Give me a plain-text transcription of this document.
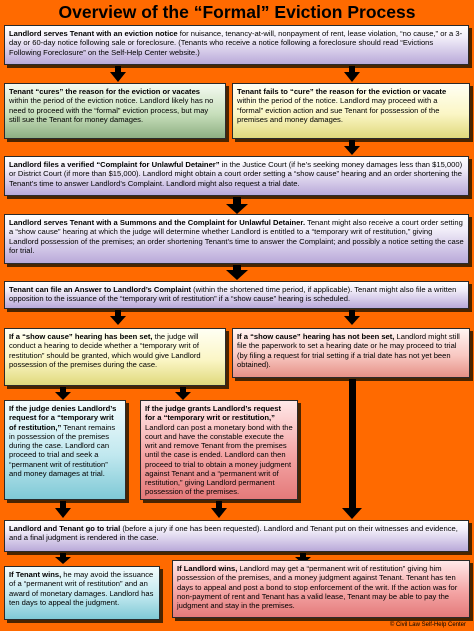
Overview of the “Formal” Eviction Process
Landlord serves Tenant with an eviction notice for nuisance, tenancy-at-will, nonpayment of rent, lease violation, “no cause,” or a 3-day or 60-day notice following sale or foreclosure. (Tenants who receive a notice following a foreclosure should read “Evictions Following Foreclosure” on the Self-Help Center website.)
Tenant “cures” the reason for the eviction or vacates within the period of the eviction notice. Landlord likely has no need to proceed with the “formal” eviction process, but may still sue the Tenant for money damages.
Tenant fails to “cure” the reason for the eviction or vacate within the period of the notice. Landlord may proceed with a “formal” eviction action and sue Tenant for possession of the premises and money damages.
Landlord files a verified “Complaint for Unlawful Detainer” in the Justice Court (if he’s seeking money damages less than $15,000) or District Court (if more than $15,000). Landlord might obtain a court order setting a “show cause” hearing and an order shortening the Tenant’s time to answer Landlord’s Complaint. Landlord might also request a trial date.
Landlord serves Tenant with a Summons and the Complaint for Unlawful Detainer. Tenant might also receive a court order setting a “show cause” hearing at which the judge will determine whether Landlord is entitled to a “temporary writ of restitution,” giving Landlord possession of the premises; an order shortening Tenant’s time to answer the Complaint; and possibly a notice setting the case for trial.
Tenant can file an Answer to Landlord’s Complaint (within the shortened time period, if applicable). Tenant might also file a written opposition to the issuance of the “temporary writ of restitution” if a “show cause” hearing is scheduled.
If a “show cause” hearing has been set, the judge will conduct a hearing to decide whether a “temporary writ of restitution” should be granted, which would give Landlord possession of the premises during the case.
If a “show cause” hearing has not been set, Landlord might still file the paperwork to set a hearing date or he may proceed to trial (by filing a request for trial setting if a trial date has not yet been obtained).
If the judge denies Landlord’s request for a “temporary writ of restitution,” Tenant remains in possession of the premises during the case. Landlord can proceed to trial and seek a “permanent writ of restitution” and money damages at trial.
If the judge grants Landlord’s request for a “temporary writ or restitution,” Landlord can post a monetary bond with the court and have the constable execute the writ and remove Tenant from the premises until the case is ended. Landlord can then proceed to trial to obtain a money judgment against Tenant and a “permanent writ of restitution,” giving Landlord permanent possession of the premises.
Landlord and Tenant go to trial (before a jury if one has been requested). Landlord and Tenant put on their witnesses and evidence, and a final judgment is rendered in the case.
If Tenant wins, he may avoid the issuance of a “permanent writ of restitution” and an award of monetary damages. Landlord has ten days to appeal the judgment.
If Landlord wins, Landlord may get a “permanent writ of restitution” giving him possession of the premises, and a money judgment against Tenant. Tenant has ten days to appeal and post a bond to stop enforcement of the writ. If the action was for non-payment of rent and Tenant has a valid lease, Tenant may be able to pay the judgment and stay in the premises.
© Civil Law Self-Help Center
